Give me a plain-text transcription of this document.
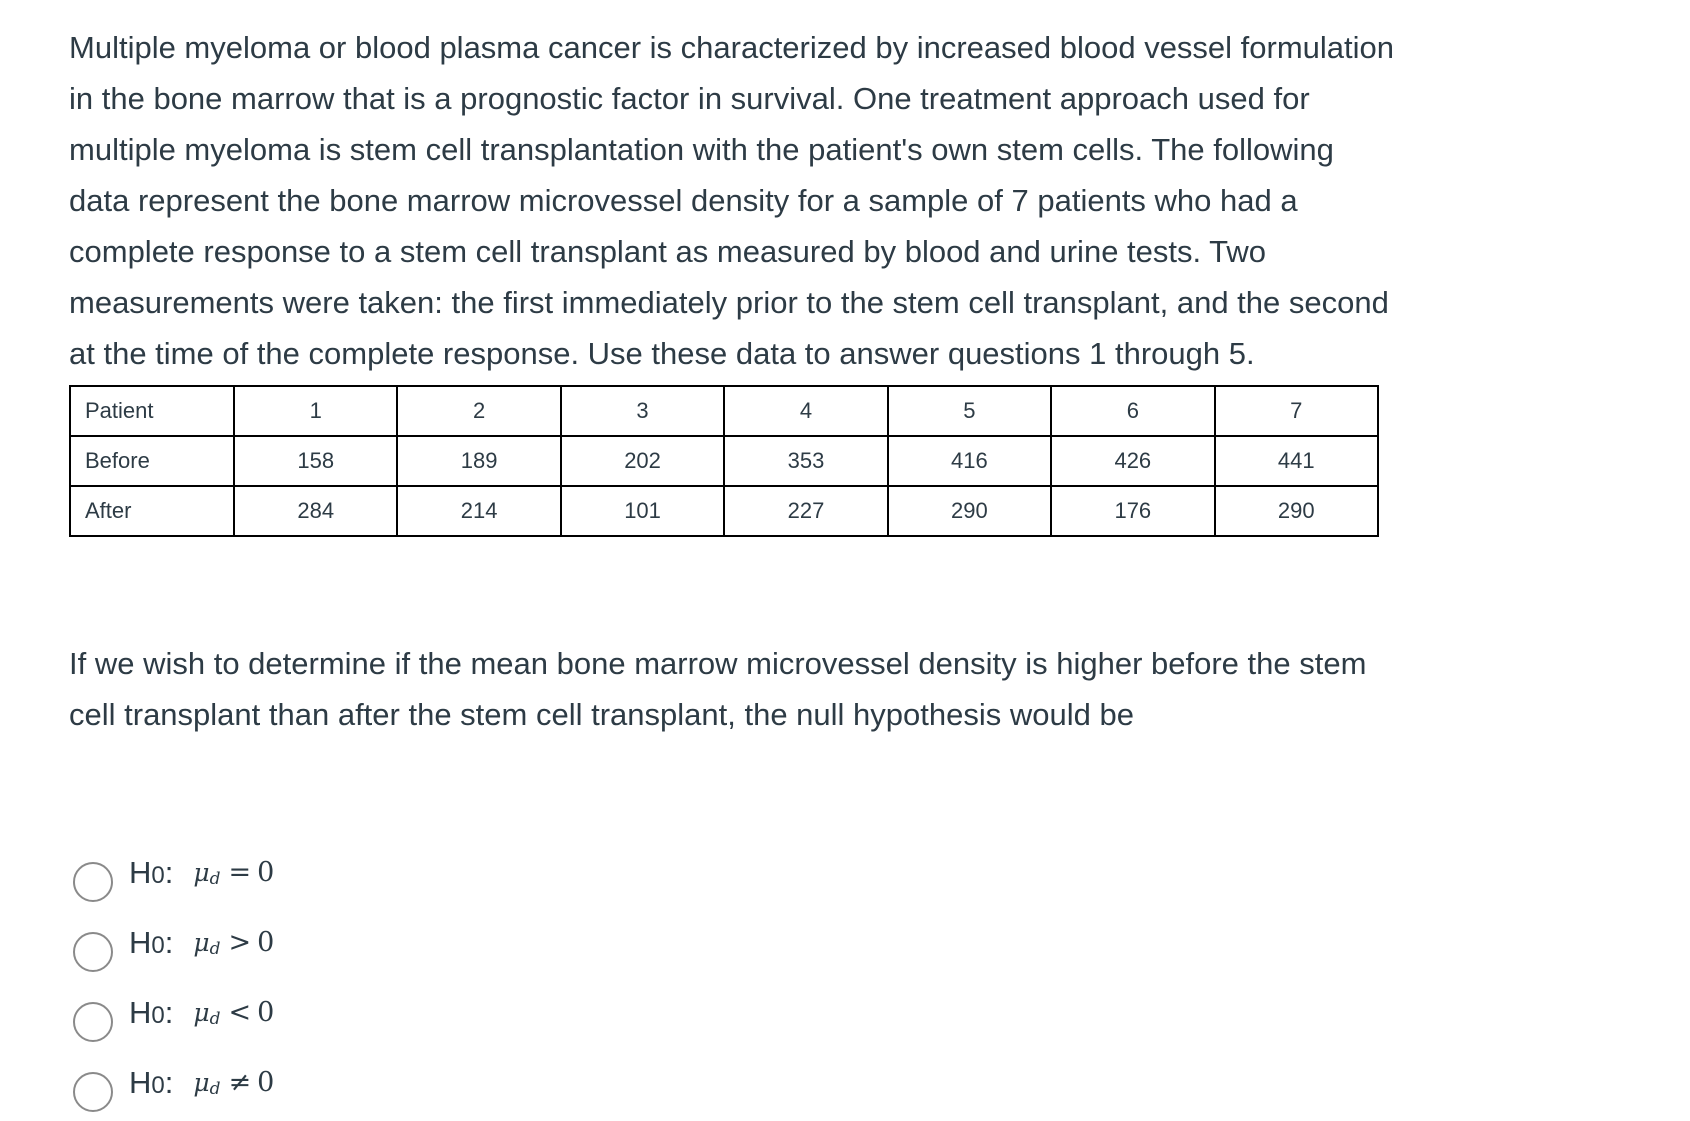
Multiple myeloma or blood plasma cancer is characterized by increased blood vessel formulation in the bone marrow that is a prognostic factor in survival. One treatment approach used for multiple myeloma is stem cell transplantation with the patient's own stem cells. The following data represent the bone marrow microvessel density for a sample of 7 patients who had a complete response to a stem cell transplant as measured by blood and urine tests. Two measurements were taken: the first immediately prior to the stem cell transplant, and the second at the time of the complete response. Use these data to answer questions 1 through 5.

Patient	1	2	3	4	5	6	7
Before	158	189	202	353	416	426	441
After	284	214	101	227	290	176	290

If we wish to determine if the mean bone marrow microvessel density is higher before the stem cell transplant than after the stem cell transplant, the null hypothesis would be

H 0 : $\mu_d = 0$
H 0 : $\mu_d > 0$
H 0 : $\mu_d < 0$
H 0 : $\mu_d \ne 0$
